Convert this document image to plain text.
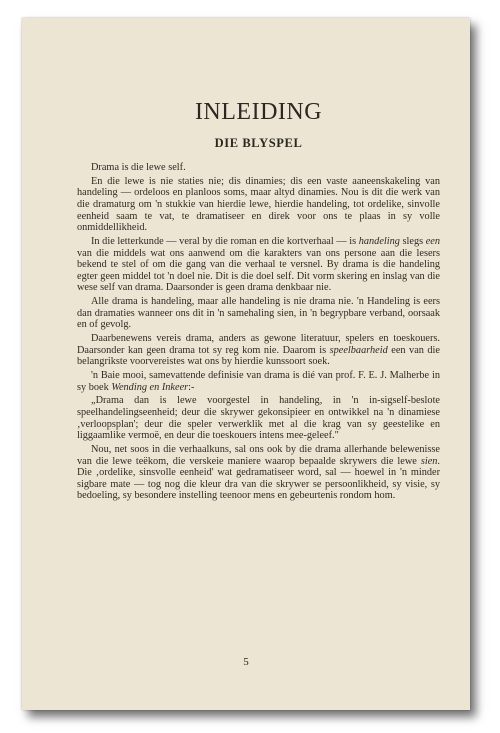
INLEIDING
DIE BLYSPEL

Drama is die lewe self.

En die lewe is nie staties nie; dis dinamies; dis een vaste aaneenskakeling van handeling — ordeloos en planloos soms, maar altyd dinamies. Nou is dit die werk van die dramaturg om 'n stukkie van hierdie lewe, hierdie handeling, tot ordelike, sinvolle eenheid saam te vat, te dramatiseer en direk voor ons te plaas in sy volle onmiddellikheid.

In die letterkunde — veral by die roman en die kortverhaal — is handeling slegs een van die middels wat ons aanwend om die karakters van ons persone aan die lesers bekend te stel of om die gang van die verhaal te versnel. By drama is die handeling egter geen middel tot 'n doel nie. Dit is die doel self. Dit vorm skering en inslag van die wese self van drama. Daarsonder is geen drama denkbaar nie.

Alle drama is handeling, maar alle handeling is nie drama nie. 'n Handeling is eers dan dramaties wanneer ons dit in 'n samehaling sien, in 'n begrypbare verband, oorsaak en of gevolg.

Daarbenewens vereis drama, anders as gewone literatuur, spelers en toeskouers. Daarsonder kan geen drama tot sy reg kom nie. Daarom is speelbaarheid een van die belangrikste voorvereistes wat ons by hierdie kunssoort soek.

'n Baie mooi, samevattende definisie van drama is dié van prof. F. E. J. Malherbe in sy boek Wending en Inkeer:-

„Drama dan is lewe voorgestel in handeling, in 'n in-sigself-beslote speelhandelingseenheid; deur die skrywer gekonsipieer en ontwikkel na 'n dinamiese ‚verloopsplan'; deur die speler verwerklik met al die krag van sy geestelike en liggaamlike vermoë, en deur die toeskouers intens mee-geleef."

Nou, net soos in die verhaalkuns, sal ons ook by die drama allerhande belewenisse van die lewe teëkom, die verskeie maniere waarop bepaalde skrywers die lewe sien. Die ‚ordelike, sinsvolle eenheid' wat gedramatiseer word, sal — hoewel in 'n minder sigbare mate — tog nog die kleur dra van die skrywer se persoonlikheid, sy visie, sy bedoeling, sy besondere instelling teenoor mens en gebeurtenis rondom hom.

5
